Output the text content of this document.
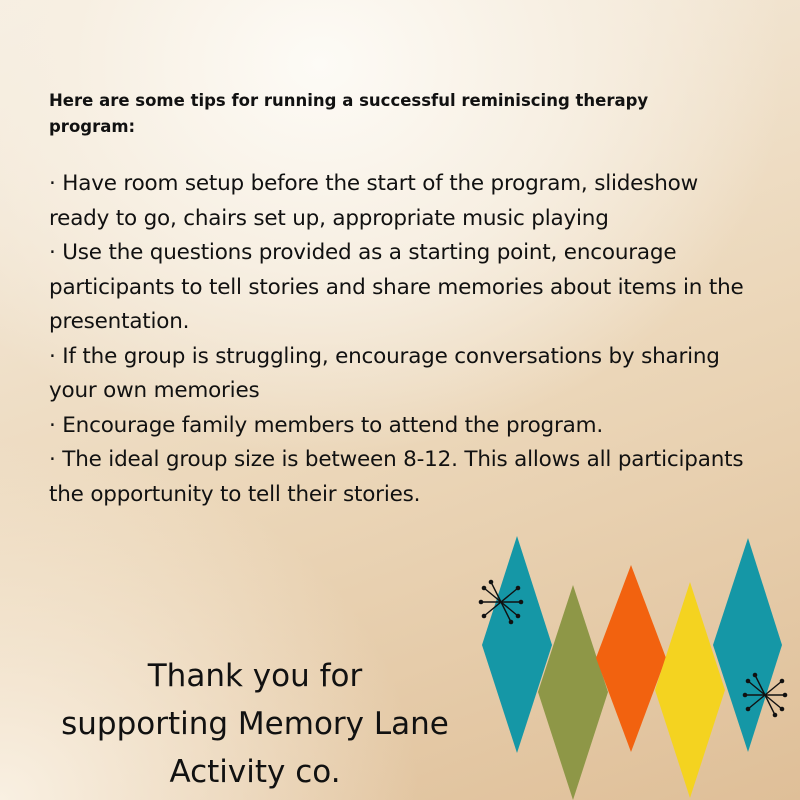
Here are some tips for running a successful reminiscing therapy program:

· Have room setup before the start of the program, slideshow ready to go, chairs set up, appropriate music playing
· Use the questions provided as a starting point, encourage participants to tell stories and share memories about items in the presentation.
· If the group is struggling, encourage conversations by sharing your own memories
· Encourage family members to attend the program.
· The ideal group size is between 8-12. This allows all participants the opportunity to tell their stories.

Thank you for supporting Memory Lane Activity co.
